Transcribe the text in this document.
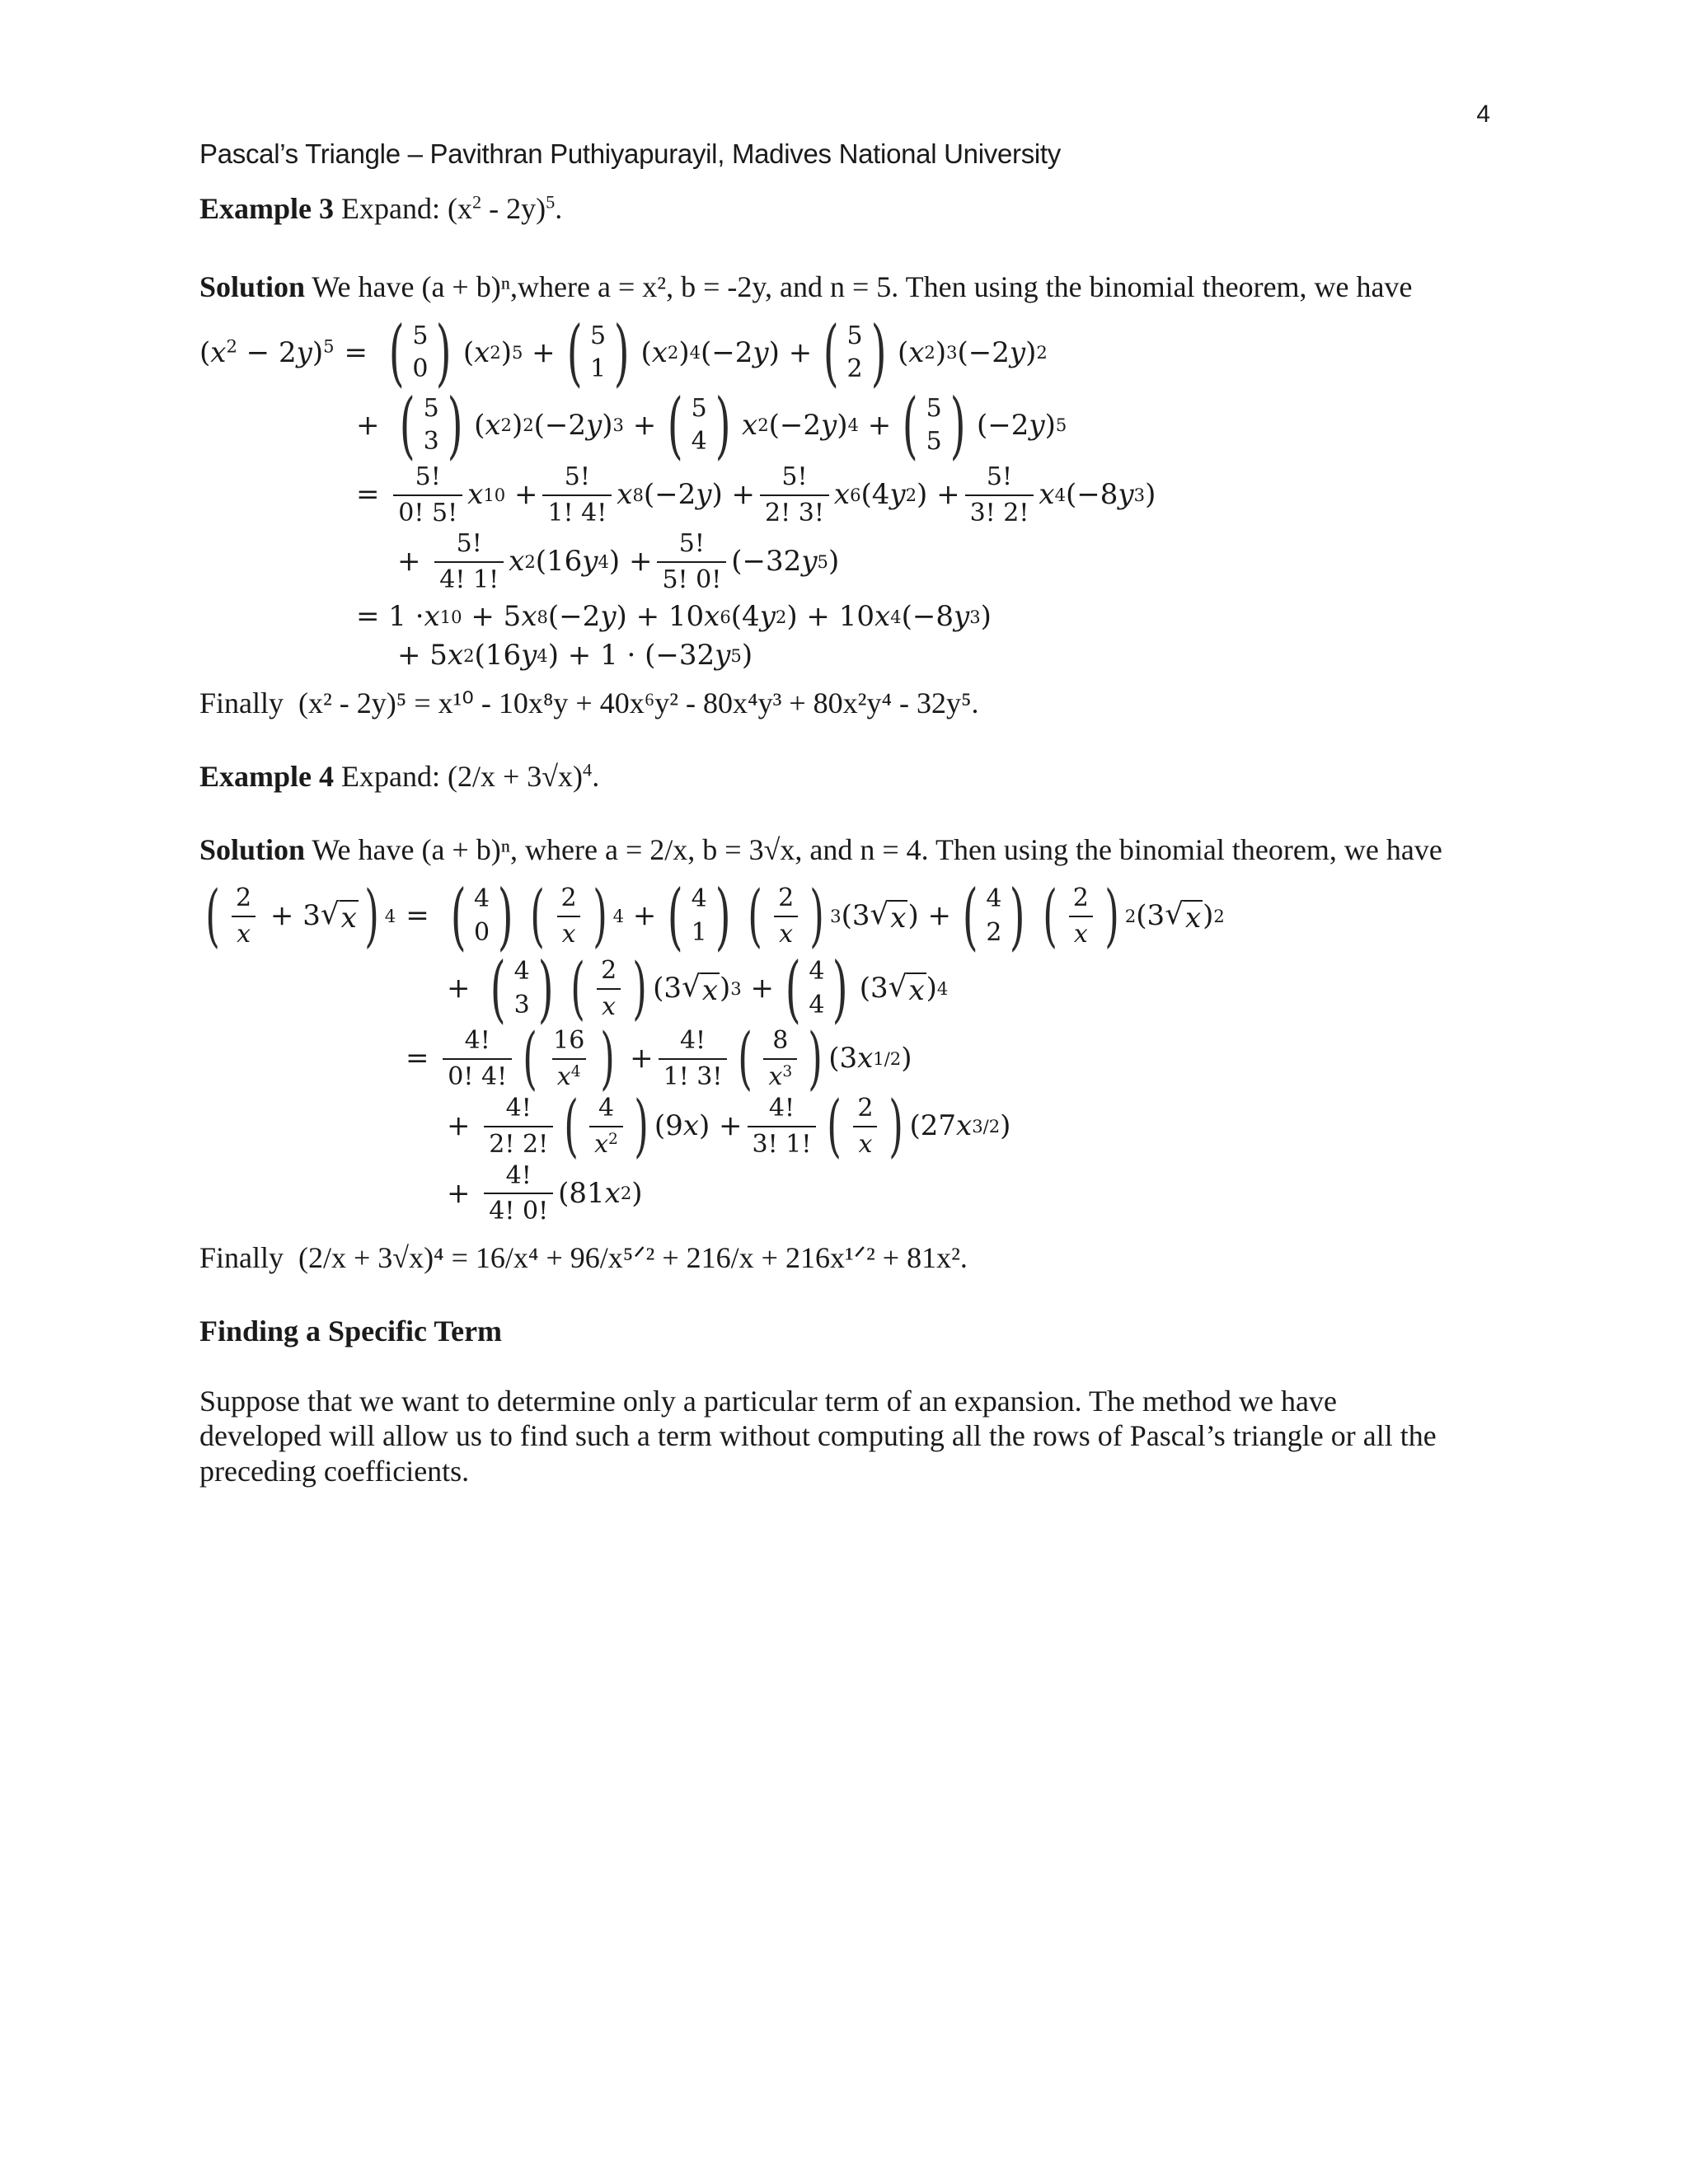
4
Pascal’s Triangle – Pavithran Puthiyapurayil, Madives National University

Example 3 Expand: $(x^2 - 2y)^5$.

Solution We have (a + b)ⁿ,where a = x², b = -2y, and n = 5. Then using the binomial theorem, we have

$(x^2 - 2y)^5$ = ( 5
0 ) ( x 2 ) 5 + ( 5
1 ) ( x 2 ) 4 (−2 y ) + ( 5
2 ) ( x 2 ) 3 (−2 y ) 2
+ ( 5
3 ) ( x 2 ) 2 (−2 y ) 3 + ( 5
4 ) x 2 (−2 y ) 4 + ( 5
5 ) (−2 y ) 5
= $\frac{5!}{0! 5!}$ x $10 + \frac{5!}{1! 4!}$ x 8 (−2 y ) + $\frac{5!}{2! 3!}$ x 6 (4 y 2 ) + $\frac{5!}{3! 2!}$ x 4 (−8 y 3 )
+ $\frac{5!}{4! 1!}$ x 2 (16 y 4 ) + $\frac{5!}{5! 0!} (-32$ y 5 )
= 1 · x 10 + 5 x 8 (−2 y ) + 10 x 6 (4 y 2 ) + 10 x 4 (−8 y 3 )
+ 5 x 2 (16 y 4 ) + 1 · (−32 y 5 )

Finally (x² - 2y)⁵ = x¹⁰ - 10x⁸y + 40x⁶y² - 80x⁴y³ + 80x²y⁴ - 32y⁵.

Example 4 Expand: $(2/x + 3√x)^4$.

Solution We have (a + b)ⁿ, where a = 2/x, b = 3√x, and n = 4. Then using the binomial theorem, we have

( $\frac{2}{x} + 3$ √ x ) 4 = ( 4
0 ) ( $\frac{2}{x}$ ) 4 + ( 4
1 ) ( $\frac{2}{x}$ ) 3 (3 √ x ) + ( 4
2 ) ( $\frac{2}{x}$ ) 2 (3 √ x ) 2
+ ( 4
3 ) ( $\frac{2}{x}$ ) (3 √ x ) 3 + ( 4
4 ) (3 √ x ) 4
= $\frac{4!}{0! 4!}$ ( $\frac{16}{x^4}$ ) + $\frac{4!}{1! 3!}$ ( $\frac{8}{x^3}$ ) (3 x 1/2 )
+ $\frac{4!}{2! 2!}$ ( $\frac{4}{x^2}$ ) (9 x ) + $\frac{4!}{3! 1!}$ ( $\frac{2}{x}$ ) (27 x 3/2 )
+ $\frac{4!}{4! 0!} (81$ x 2 )

Finally (2/x + 3√x)⁴ = 16/x⁴ + 96/x⁵ᐟ² + 216/x + 216x¹ᐟ² + 81x².

Finding a Specific Term

Suppose that we want to determine only a particular term of an expansion. The method we have

developed will allow us to find such a term without computing all the rows of Pascal’s triangle or all the

preceding coefficients.
